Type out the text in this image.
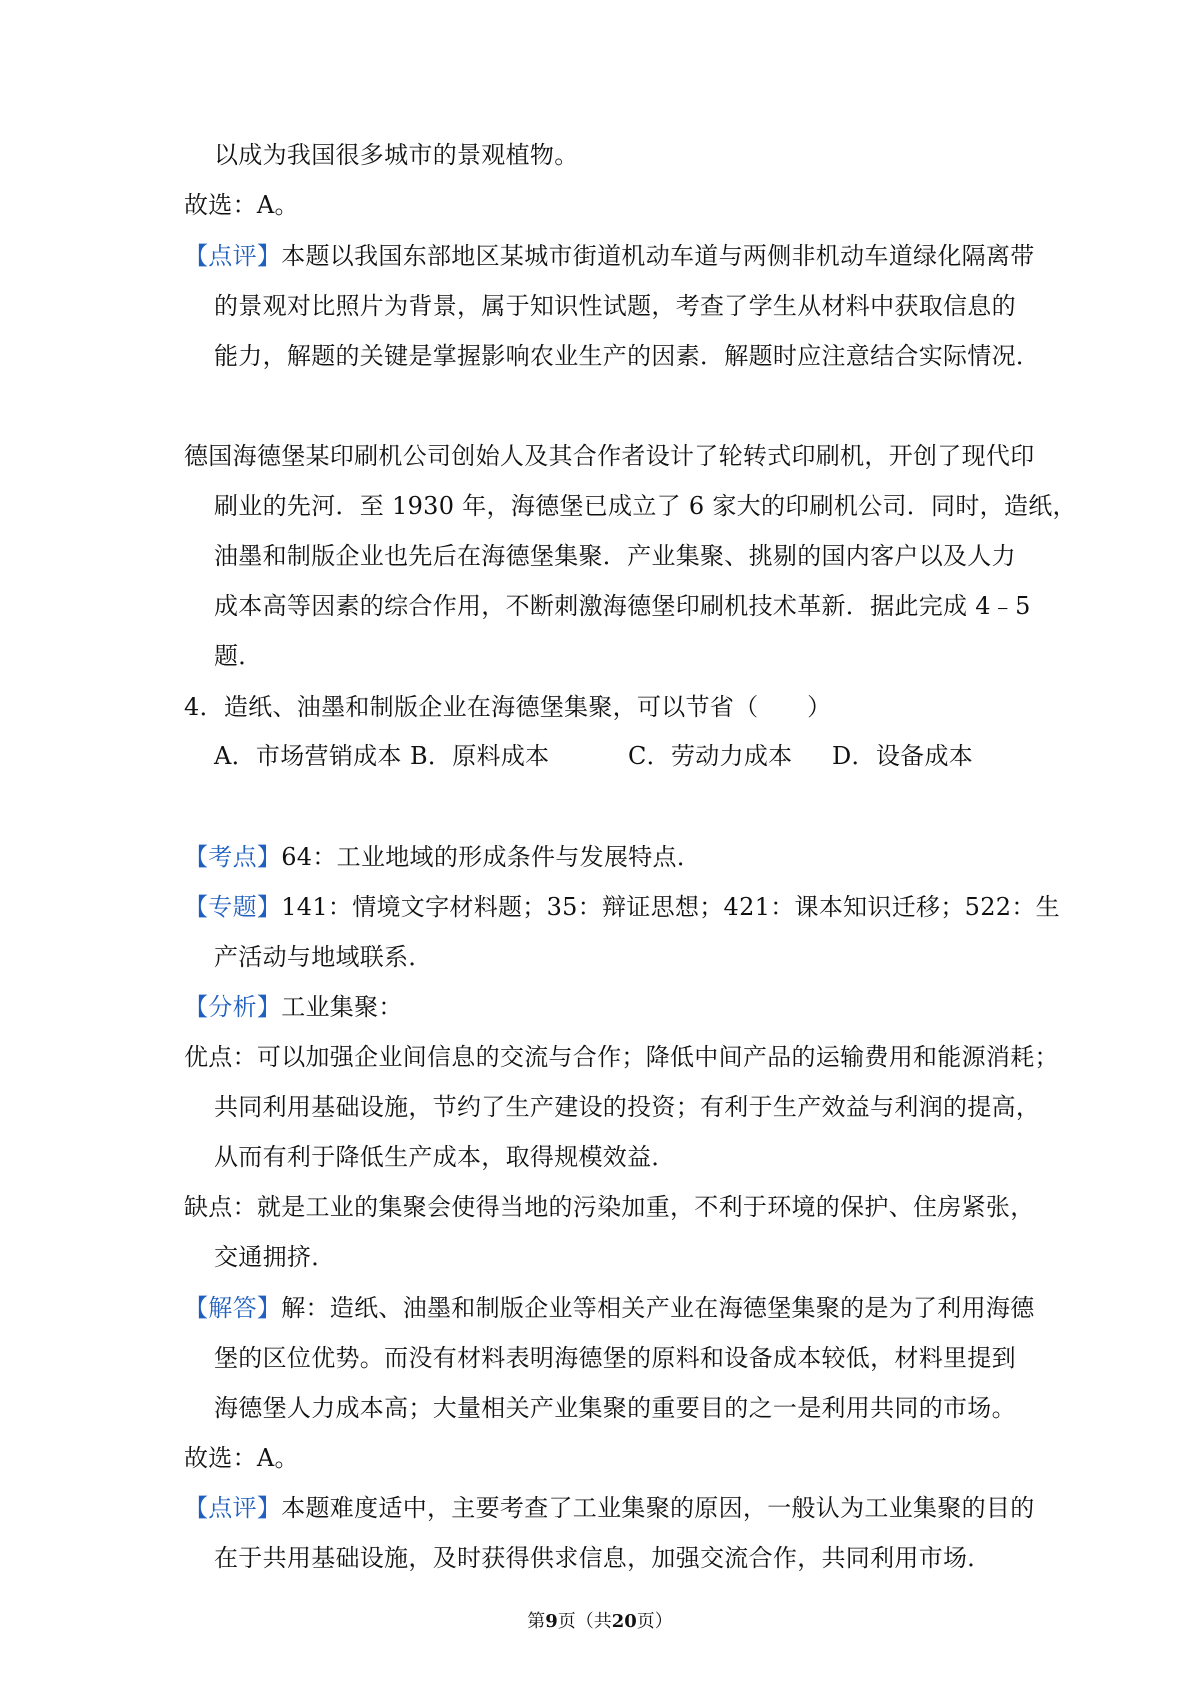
以成为我国很多城市的景观植物。
故选：A。
【点评】本题以我国东部地区某城市街道机动车道与两侧非机动车道绿化隔离带
的景观对比照片为背景，属于知识性试题，考查了学生从材料中获取信息的
能力，解题的关键是掌握影响农业生产的因素．解题时应注意结合实际情况．
德国海德堡某印刷机公司创始人及其合作者设计了轮转式印刷机，开创了现代印
刷业的先河．至 1930 年，海德堡已成立了 6 家大的印刷机公司．同时，造纸，
油墨和制版企业也先后在海德堡集聚．产业集聚、挑剔的国内客户以及人力
成本高等因素的综合作用，不断刺激海德堡印刷机技术革新．据此完成 4﹣5
题．
4．造纸、油墨和制版企业在海德堡集聚，可以节省（　　）
A．市场营销成本 B．原料成本	C．劳动力成本 D．设备成本
【考点】64：工业地域的形成条件与发展特点．
【专题】141：情境文字材料题；35：辩证思想；421：课本知识迁移；522：生
产活动与地域联系．
【分析】工业集聚：
优点：可以加强企业间信息的交流与合作；降低中间产品的运输费用和能源消耗；
共同利用基础设施，节约了生产建设的投资；有利于生产效益与利润的提高，
从而有利于降低生产成本，取得规模效益．
缺点：就是工业的集聚会使得当地的污染加重，不利于环境的保护、住房紧张，
交通拥挤．
【解答】解：造纸、油墨和制版企业等相关产业在海德堡集聚的是为了利用海德
堡的区位优势。而没有材料表明海德堡的原料和设备成本较低，材料里提到
海德堡人力成本高；大量相关产业集聚的重要目的之一是利用共同的市场。
故选：A。
【点评】本题难度适中，主要考查了工业集聚的原因，一般认为工业集聚的目的
在于共用基础设施，及时获得供求信息，加强交流合作，共同利用市场．
第9页（共20页）
